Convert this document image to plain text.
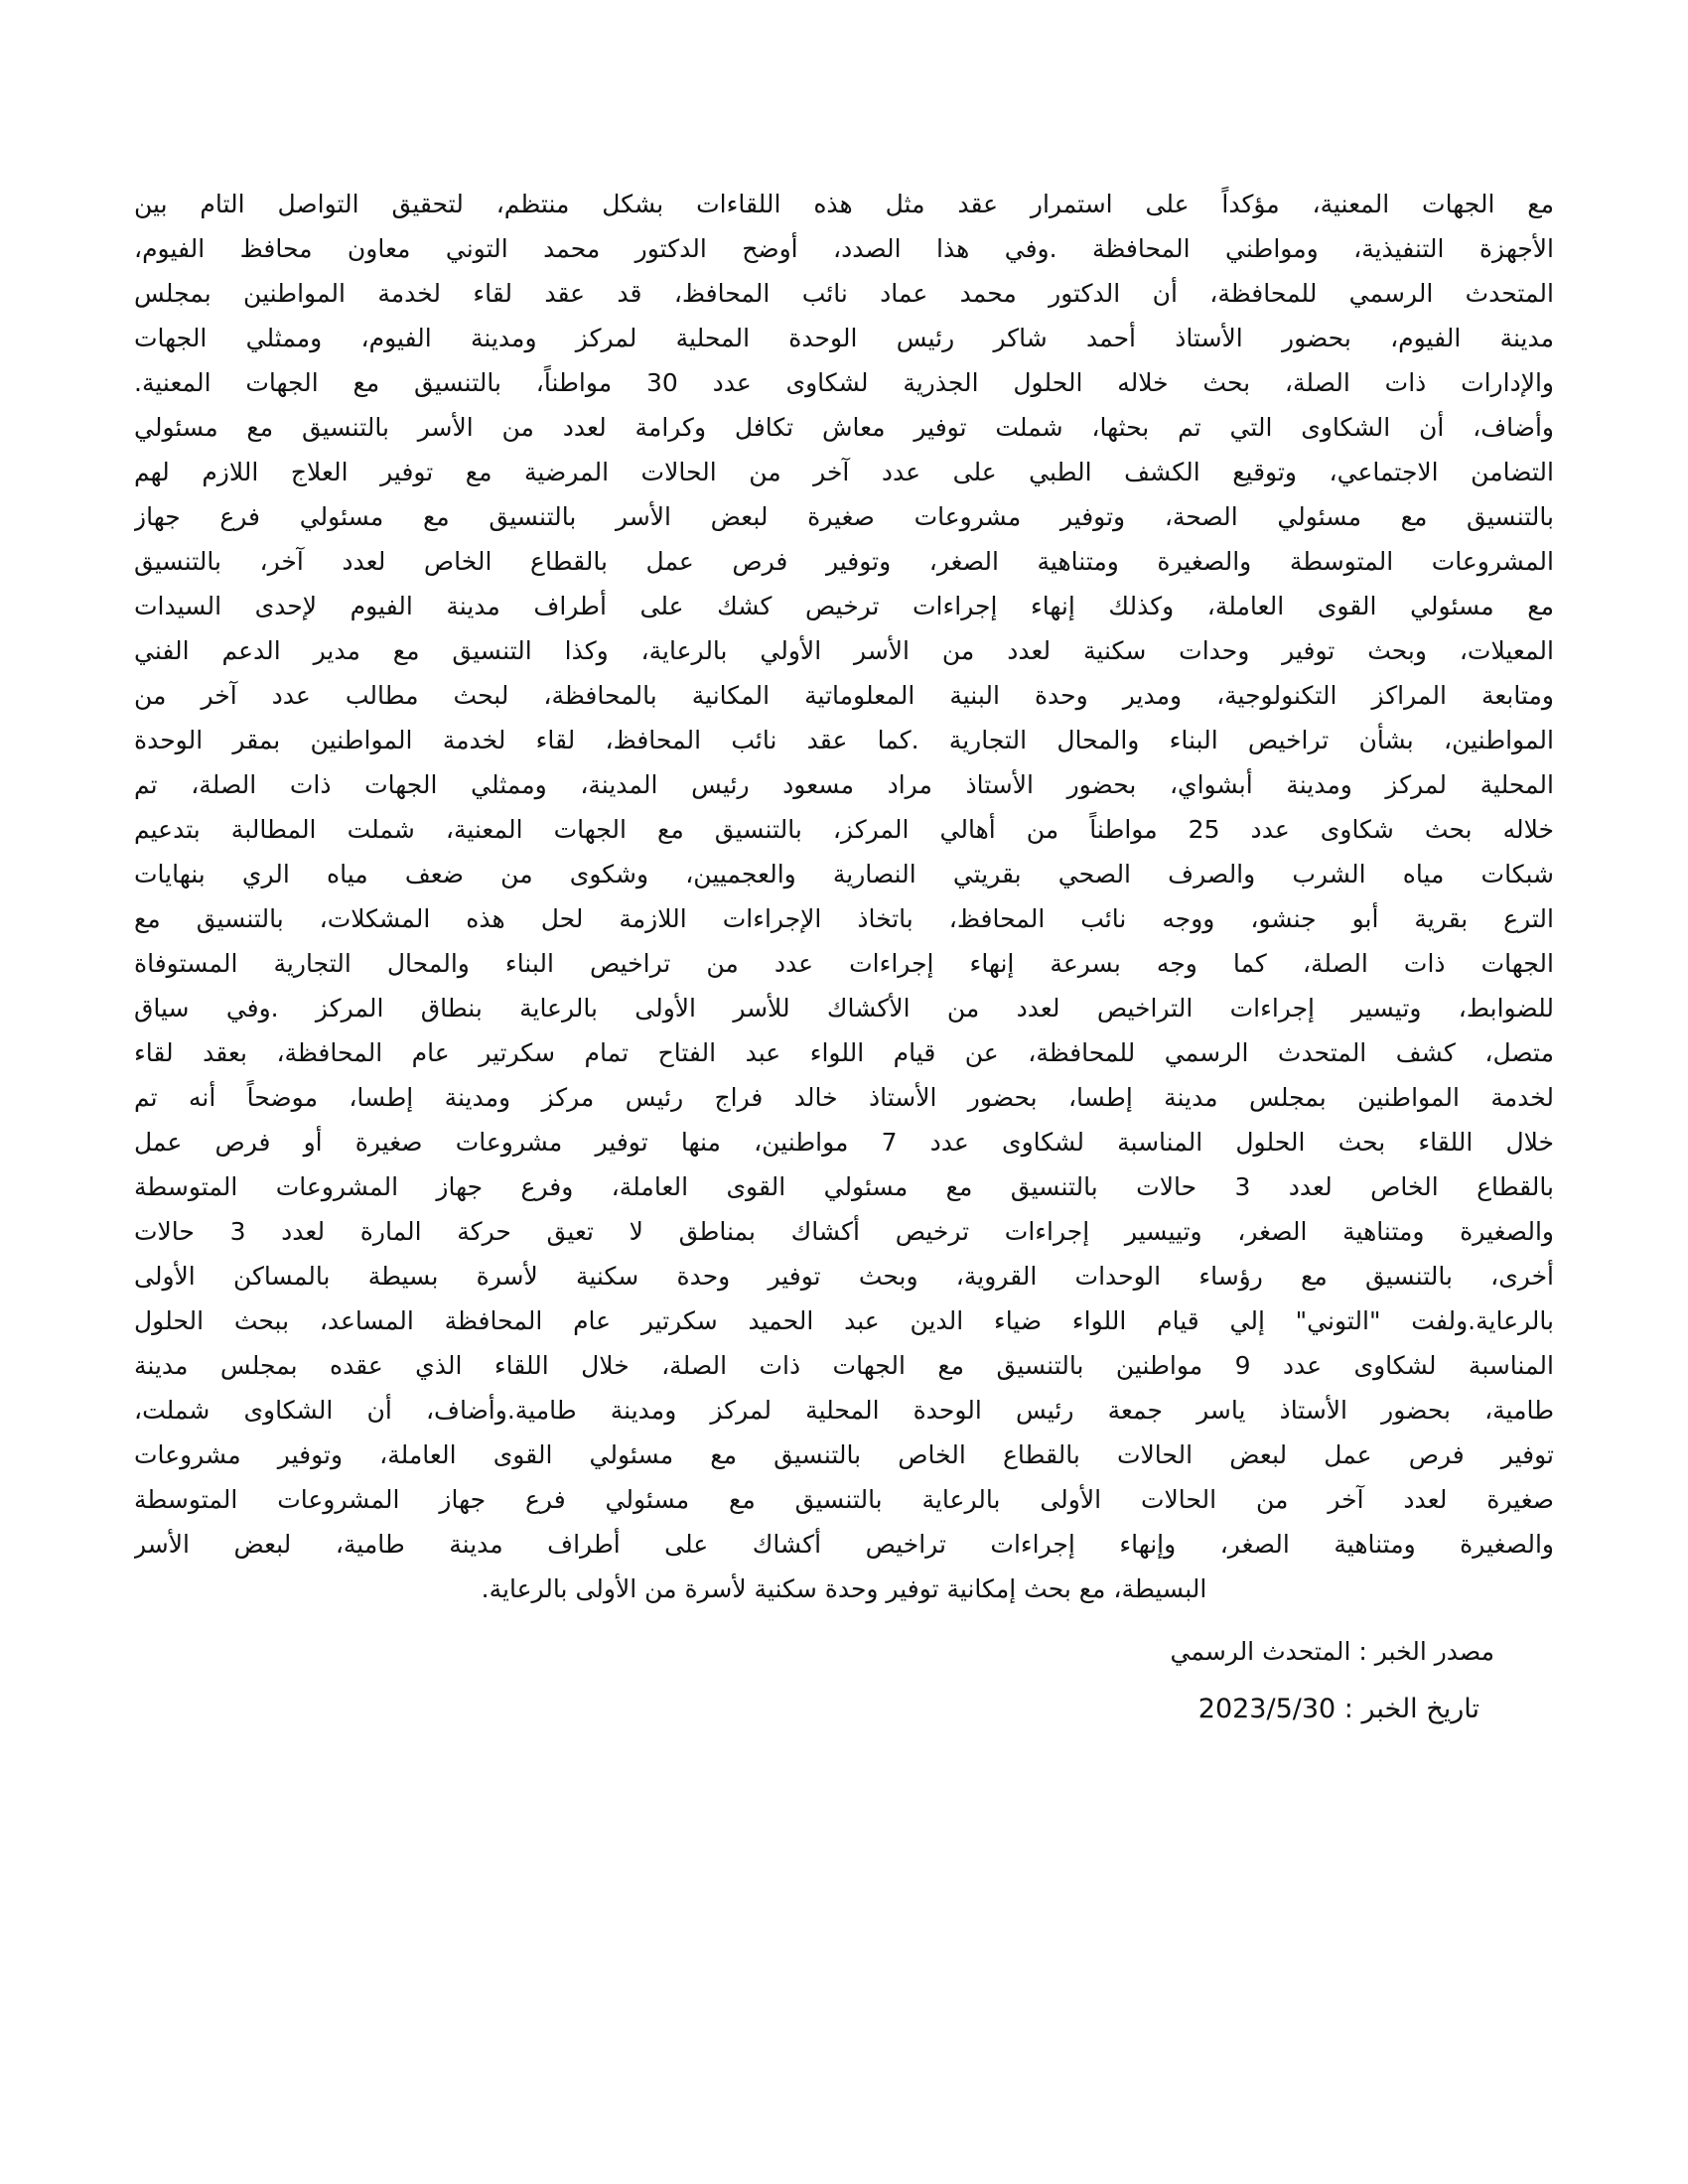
مع الجهات المعنية، مؤكداً على استمرار عقد مثل هذه اللقاءات بشكل منتظم، لتحقيق التواصل التام بين
الأجهزة التنفيذية، ومواطني المحافظة .وفي هذا الصدد، أوضح الدكتور محمد التوني معاون محافظ الفيوم،
المتحدث الرسمي للمحافظة، أن الدكتور محمد عماد نائب المحافظ، قد عقد لقاء لخدمة المواطنين بمجلس
مدينة الفيوم، بحضور الأستاذ أحمد شاكر رئيس الوحدة المحلية لمركز ومدينة الفيوم، وممثلي الجهات
والإدارات ذات الصلة، بحث خلاله الحلول الجذرية لشكاوى عدد 30 مواطناً، بالتنسيق مع الجهات المعنية.
وأضاف، أن الشكاوى التي تم بحثها، شملت توفير معاش تكافل وكرامة لعدد من الأسر بالتنسيق مع مسئولي
التضامن الاجتماعي، وتوقيع الكشف الطبي على عدد آخر من الحالات المرضية مع توفير العلاج اللازم لهم
بالتنسيق مع مسئولي الصحة، وتوفير مشروعات صغيرة لبعض الأسر بالتنسيق مع مسئولي فرع جهاز
المشروعات المتوسطة والصغيرة ومتناهية الصغر، وتوفير فرص عمل بالقطاع الخاص لعدد آخر، بالتنسيق
مع مسئولي القوى العاملة، وكذلك إنهاء إجراءات ترخيص كشك على أطراف مدينة الفيوم لإحدى السيدات
المعيلات، وبحث توفير وحدات سكنية لعدد من الأسر الأولي بالرعاية، وكذا التنسيق مع مدير الدعم الفني
ومتابعة المراكز التكنولوجية، ومدير وحدة البنية المعلوماتية المكانية بالمحافظة، لبحث مطالب عدد آخر من
المواطنين، بشأن تراخيص البناء والمحال التجارية .كما عقد نائب المحافظ، لقاء لخدمة المواطنين بمقر الوحدة
المحلية لمركز ومدينة أبشواي، بحضور الأستاذ مراد مسعود رئيس المدينة، وممثلي الجهات ذات الصلة، تم
خلاله بحث شكاوى عدد 25 مواطناً من أهالي المركز، بالتنسيق مع الجهات المعنية، شملت المطالبة بتدعيم
شبكات مياه الشرب والصرف الصحي بقريتي النصارية والعجميين، وشكوى من ضعف مياه الري بنهايات
الترع بقرية أبو جنشو، ووجه نائب المحافظ، باتخاذ الإجراءات اللازمة لحل هذه المشكلات، بالتنسيق مع
الجهات ذات الصلة، كما وجه بسرعة إنهاء إجراءات عدد من تراخيص البناء والمحال التجارية المستوفاة
للضوابط، وتيسير إجراءات التراخيص لعدد من الأكشاك للأسر الأولى بالرعاية بنطاق المركز .وفي سياق
متصل، كشف المتحدث الرسمي للمحافظة، عن قيام اللواء عبد الفتاح تمام سكرتير عام المحافظة، بعقد لقاء
لخدمة المواطنين بمجلس مدينة إطسا، بحضور الأستاذ خالد فراج رئيس مركز ومدينة إطسا، موضحاً أنه تم
خلال اللقاء بحث الحلول المناسبة لشكاوى عدد 7 مواطنين، منها توفير مشروعات صغيرة أو فرص عمل
بالقطاع الخاص لعدد 3 حالات بالتنسيق مع مسئولي القوى العاملة، وفرع جهاز المشروعات المتوسطة
والصغيرة ومتناهية الصغر، وتييسير إجراءات ترخيص أكشاك بمناطق لا تعيق حركة المارة لعدد 3 حالات
أخرى، بالتنسيق مع رؤساء الوحدات القروية، وبحث توفير وحدة سكنية لأسرة بسيطة بالمساكن الأولى
بالرعاية.ولفت "التوني" إلي قيام اللواء ضياء الدين عبد الحميد سكرتير عام المحافظة المساعد، ببحث الحلول
المناسبة لشكاوى عدد 9 مواطنين بالتنسيق مع الجهات ذات الصلة، خلال اللقاء الذي عقده بمجلس مدينة
طامية، بحضور الأستاذ ياسر جمعة رئيس الوحدة المحلية لمركز ومدينة طامية.وأضاف، أن الشكاوى شملت،
توفير فرص عمل لبعض الحالات بالقطاع الخاص بالتنسيق مع مسئولي القوى العاملة، وتوفير مشروعات
صغيرة لعدد آخر من الحالات الأولى بالرعاية بالتنسيق مع مسئولي فرع جهاز المشروعات المتوسطة
والصغيرة ومتناهية الصغر، وإنهاء إجراءات تراخيص أكشاك على أطراف مدينة طامية، لبعض الأسر
البسيطة، مع بحث إمكانية توفير وحدة سكنية لأسرة من الأولى بالرعاية.
مصدر الخبر : المتحدث الرسمي
تاريخ الخبر : 2023/5/30
